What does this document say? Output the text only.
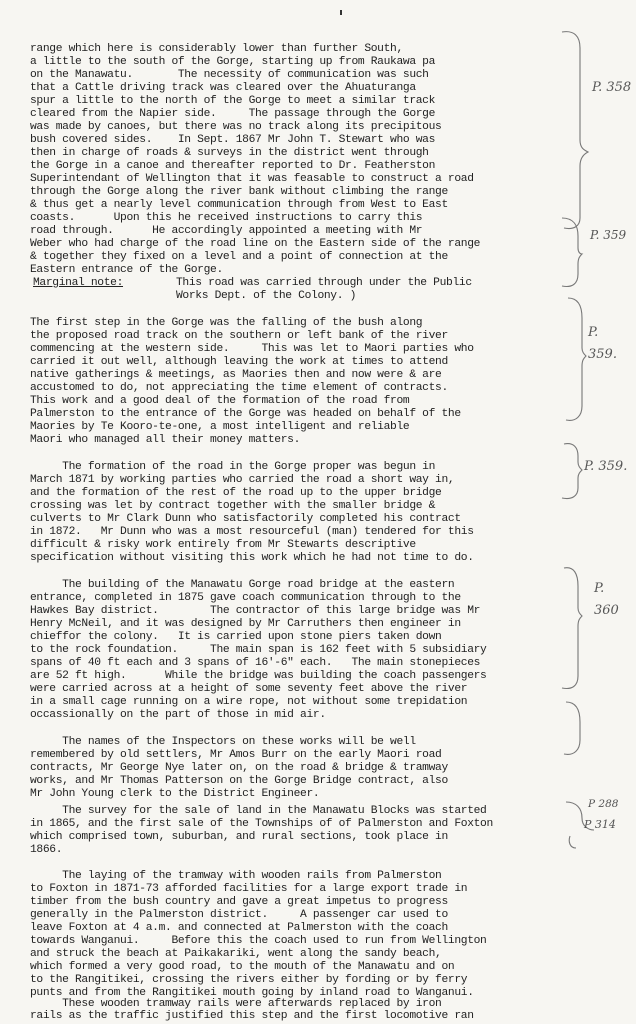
range which here is considerably lower than further South,
a little to the south of the Gorge, starting up from Raukawa pa
on the Manawatu.       The necessity of communication was such
that a Cattle driving track was cleared over the Ahuaturanga
spur a little to the north of the Gorge to meet a similar track
cleared from the Napier side.     The passage through the Gorge
was made by canoes, but there was no track along its precipitous
bush covered sides.    In Sept. 1867 Mr John T. Stewart who was
then in charge of roads & surveys in the district went through
the Gorge in a canoe and thereafter reported to Dr. Featherston
Superintendant of Wellington that it was feasable to construct a road
through the Gorge along the river bank without climbing the range
& thus get a nearly level communication through from West to East
coasts.      Upon this he received instructions to carry this
road through.      He accordingly appointed a meeting with Mr
Weber who had charge of the road line on the Eastern side of the range
& together they fixed on a level and a point of connection at the
Eastern entrance of the Gorge.
Marginal note:	This road was carried through under the Public
Works Dept. of the Colony. )
The first step in the Gorge was the falling of the bush along
the proposed road track on the southern or left bank of the river
commencing at the western side.     This was let to Maori parties who
carried it out well, although leaving the work at times to attend
native gatherings & meetings, as Maories then and now were & are
accustomed to do, not appreciating the time element of contracts.
This work and a good deal of the formation of the road from
Palmerston to the entrance of the Gorge was headed on behalf of the
Maories by Te Kooro-te-one, a most intelligent and reliable
Maori who managed all their money matters.
The formation of the road in the Gorge proper was begun in
March 1871 by working parties who carried the road a short way in,
and the formation of the rest of the road up to the upper bridge
crossing was let by contract together with the smaller bridge &
culverts to Mr Clark Dunn who satisfactorily completed his contract
in 1872.   Mr Dunn who was a most resourceful (man) tendered for this
difficult & risky work entirely from Mr Stewarts descriptive
specification without visiting this work which he had not time to do.
The building of the Manawatu Gorge road bridge at the eastern
entrance, completed in 1875 gave coach communication through to the
Hawkes Bay district.        The contractor of this large bridge was Mr
Henry McNeil, and it was designed by Mr Carruthers then engineer in
chieffor the colony.   It is carried upon stone piers taken down
to the rock foundation.     The main span is 162 feet with 5 subsidiary
spans of 40 ft each and 3 spans of 16'-6" each.   The main stonepieces
are 52 ft high.      While the bridge was building the coach passengers
were carried across at a height of some seventy feet above the river
in a small cage running on a wire rope, not without some trepidation
occassionally on the part of those in mid air.
The names of the Inspectors on these works will be well
remembered by old settlers, Mr Amos Burr on the early Maori road
contracts, Mr George Nye later on, on the road & bridge & tramway
works, and Mr Thomas Patterson on the Gorge Bridge contract, also
Mr John Young clerk to the District Engineer.
The survey for the sale of land in the Manawatu Blocks was started
in 1865, and the first sale of the Townships of of Palmerston and Foxton
which comprised town, suburban, and rural sections, took place in
1866.
The laying of the tramway with wooden rails from Palmerston
to Foxton in 1871-73 afforded facilities for a large export trade in
timber from the bush country and gave a great impetus to progress
generally in the Palmerston district.     A passenger car used to
leave Foxton at 4 a.m. and connected at Palmerston with the coach
towards Wanganui.     Before this the coach used to run from Wellington
and struck the beach at Paikakariki, went along the sandy beach,
which formed a very good road, to the mouth of the Manawatu and on
to the Rangitikei, crossing the rivers either by fording or by ferry
punts and from the Rangitikei mouth going by inland road to Wanganui.
These wooden tramway rails were afterwards replaced by iron
rails as the traffic justified this step and the first locomotive ran
P. 358
P. 359
P. 359.
P. 359.
P. 360
P 288
P 314
